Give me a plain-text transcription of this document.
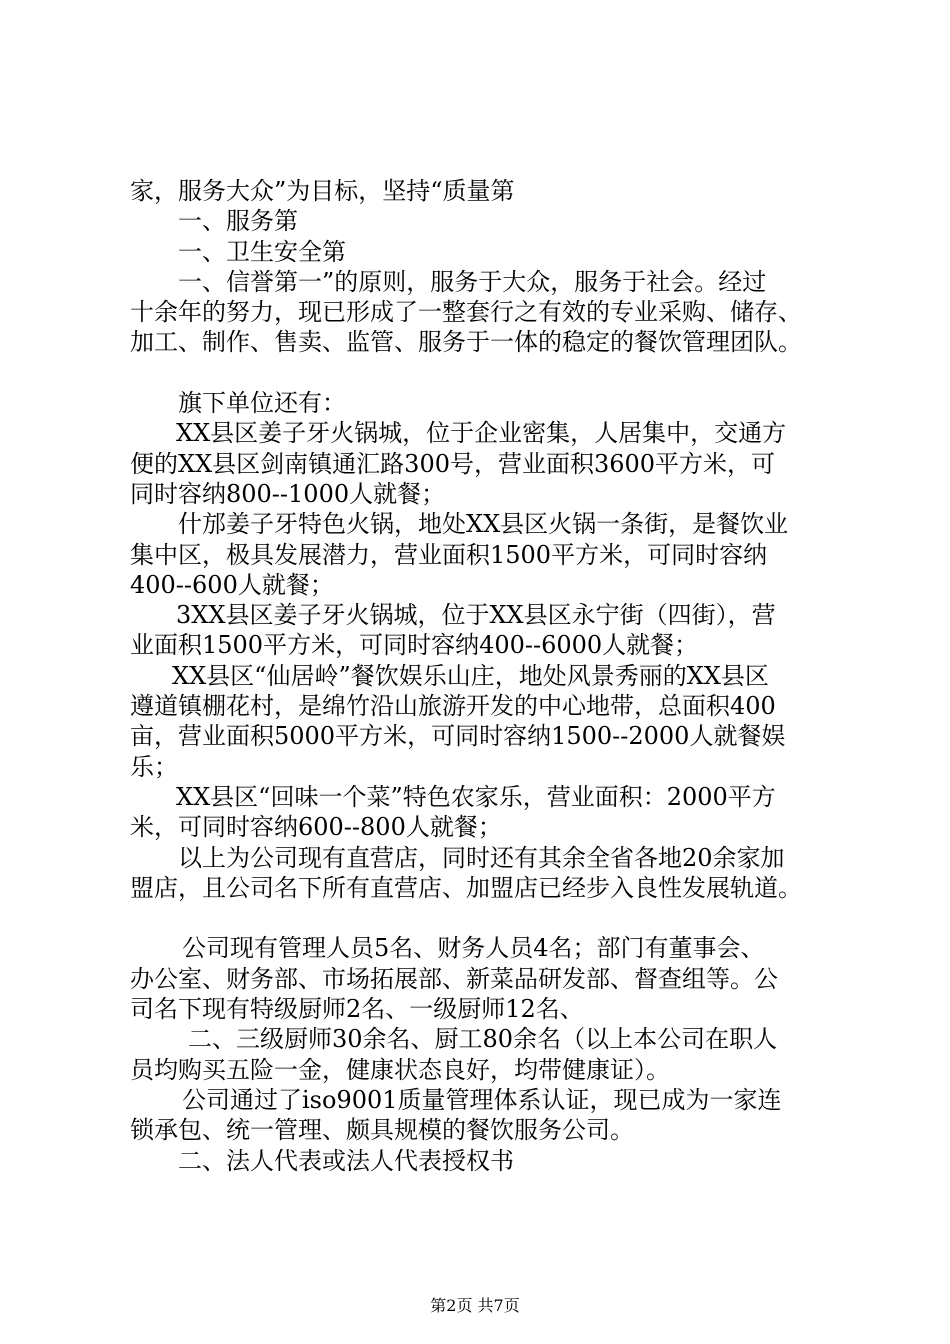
家，服务大众”为目标，坚持“质量第
一、服务第
一、卫生安全第
一、信誉第一”的原则，服务于大众，服务于社会。经过
十余年的努力，现已形成了一整套行之有效的专业采购、储存、
加工、制作、售卖、监管、服务于一体的稳定的餐饮管理团队。
旗下单位还有：
XX县区姜子牙火锅城，位于企业密集，人居集中，交通方
便的XX县区剑南镇通汇路300号，营业面积3600平方米，可
同时容纳800--1000人就餐；
什邡姜子牙特色火锅，地处XX县区火锅一条街，是餐饮业
集中区，极具发展潜力，营业面积1500平方米，可同时容纳
400--600人就餐；
3XX县区姜子牙火锅城，位于XX县区永宁街（四街），营
业面积1500平方米，可同时容纳400--6000人就餐；
XX县区“仙居岭”餐饮娱乐山庄，地处风景秀丽的XX县区
遵道镇棚花村，是绵竹沿山旅游开发的中心地带，总面积400
亩，营业面积5000平方米，可同时容纳1500--2000人就餐娱
乐；
XX县区“回味一个菜”特色农家乐，营业面积：2000平方
米，可同时容纳600--800人就餐；
以上为公司现有直营店，同时还有其余全省各地20余家加
盟店，且公司名下所有直营店、加盟店已经步入良性发展轨道。
公司现有管理人员5名、财务人员4名；部门有董事会、
办公室、财务部、市场拓展部、新菜品研发部、督查组等。公
司名下现有特级厨师2名、一级厨师12名、
二、三级厨师30余名、厨工80余名（以上本公司在职人
员均购买五险一金，健康状态良好，均带健康证）。
公司通过了iso9001质量管理体系认证，现已成为一家连
锁承包、统一管理、颇具规模的餐饮服务公司。
二、法人代表或法人代表授权书
第2页 共7页
